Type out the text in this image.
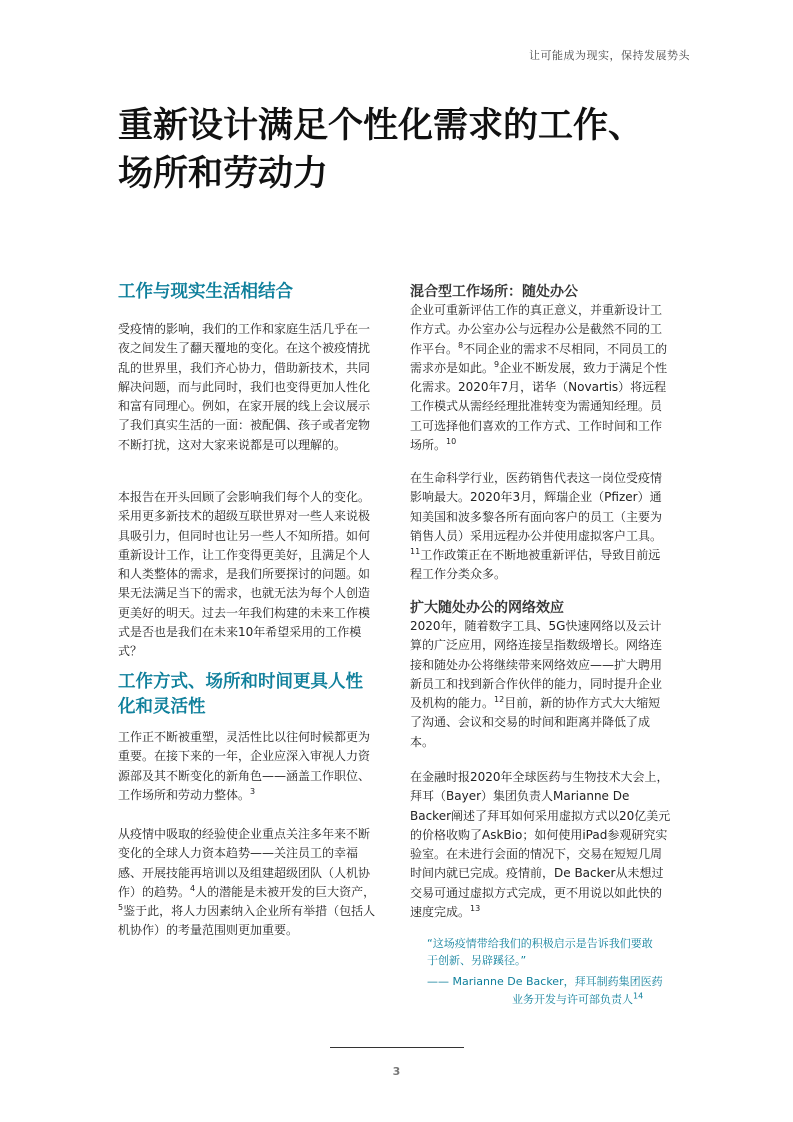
让可能成为现实，保持发展势头
重新设计满足个性化需求的工作、
场所和劳动力
工作与现实生活相结合

受疫情的影响，我们的工作和家庭生活几乎在一夜之间发生了翻天覆地的变化。在这个被疫情扰乱的世界里，我们齐心协力，借助新技术，共同解决问题，而与此同时，我们也变得更加人性化和富有同理心。例如，在家开展的线上会议展示了我们真实生活的一面：被配偶、孩子或者宠物不断打扰，这对大家来说都是可以理解的。

本报告在开头回顾了会影响我们每个人的变化。采用更多新技术的超级互联世界对一些人来说极具吸引力，但同时也让另一些人不知所措。如何重新设计工作，让工作变得更美好，且满足个人和人类整体的需求，是我们所要探讨的问题。如果无法满足当下的需求，也就无法为每个人创造更美好的明天。过去一年我们构建的未来工作模式是否也是我们在未来10年希望采用的工作模式？

工作方式、场所和时间更具人性
化和灵活性

工作正不断被重塑，灵活性比以往何时候都更为重要。在接下来的一年，企业应深入审视人力资源部及其不断变化的新角色——涵盖工作职位、工作场所和劳动力整体。$^3$

从疫情中吸取的经验使企业重点关注多年来不断变化的全球人力资本趋势——关注员工的幸福感、开展技能再培训以及组建超级团队（人机协作）的趋势。$^4$人的潜能是未被开发的巨大资产，$^5$鉴于此，将人力因素纳入企业所有举措（包括人机协作）的考量范围则更加重要。

混合型工作场所：随处办公

企业可重新评估工作的真正意义，并重新设计工作方式。办公室办公与远程办公是截然不同的工作平台。$^8$不同企业的需求不尽相同，不同员工的需求亦是如此。$^9$企业不断发展，致力于满足个性化需求。2020年7月，诺华（Novartis）将远程工作模式从需经经理批准转变为需通知经理。员工可选择他们喜欢的工作方式、工作时间和工作场所。$^{10}$

在生命科学行业，医药销售代表这一岗位受疫情影响最大。2020年3月，辉瑞企业（Pfizer）通知美国和波多黎各所有面向客户的员工（主要为销售人员）采用远程办公并使用虚拟客户工具。$^{11}$工作政策正在不断地被重新评估，导致目前远程工作分类众多。

扩大随处办公的网络效应

2020年，随着数字工具、5G快速网络以及云计算的广泛应用，网络连接呈指数级增长。网络连接和随处办公将继续带来网络效应——扩大聘用新员工和找到新合作伙伴的能力，同时提升企业及机构的能力。$^{12}$目前，新的协作方式大大缩短了沟通、会议和交易的时间和距离并降低了成本。

在金融时报2020年全球医药与生物技术大会上，拜耳（Bayer）集团负责人Marianne De Backer阐述了拜耳如何采用虚拟方式以20亿美元的价格收购了AskBio；如何使用iPad参观研究实验室。在未进行会面的情况下，交易在短短几周时间内就已完成。疫情前，De Backer从未想过交易可通过虚拟方式完成，更不用说以如此快的速度完成。$^{13}$

“这场疫情带给我们的积极启示是告诉我们要敢于创新、另辟蹊径。”
—— Marianne De Backer，拜耳制药集团医药
业务开发与许可部负责人$^{14}$
3
